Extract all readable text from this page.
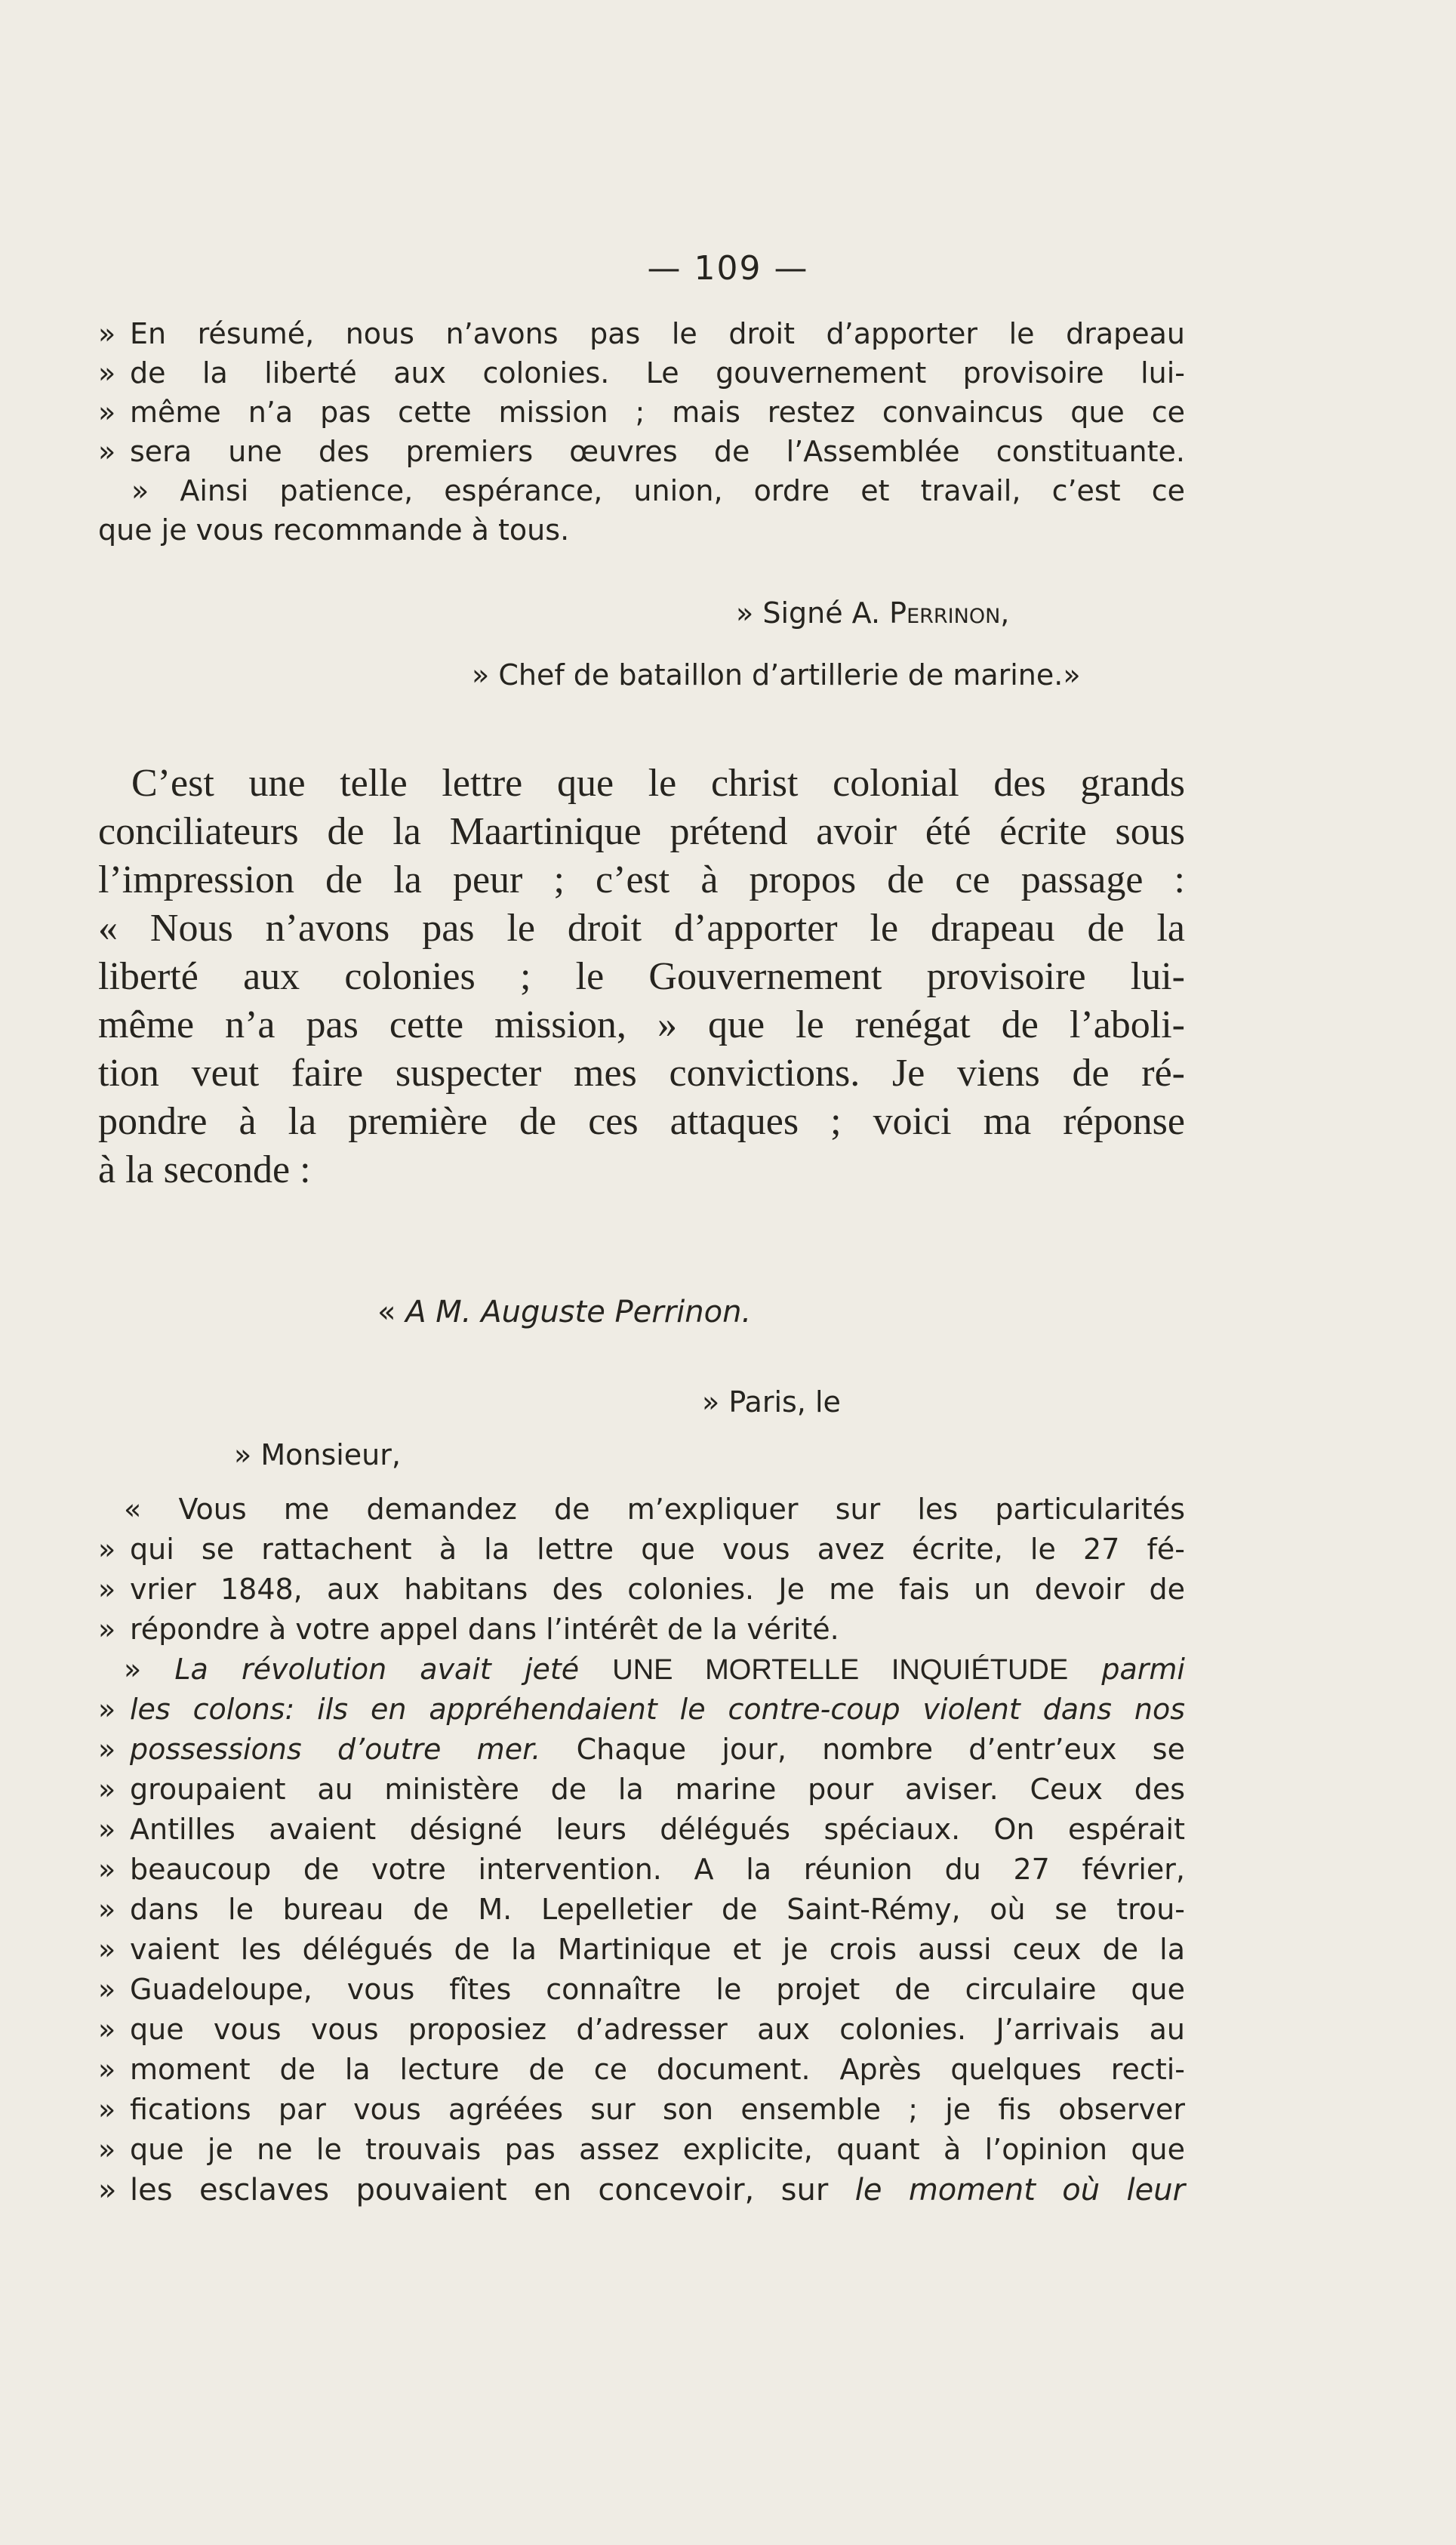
— 109 —
» En résumé, nous n’avons pas le droit d’apporter le drapeau
» de la liberté aux colonies. Le gouvernement provisoire lui-
» même n’a pas cette mission ; mais restez convaincus que ce
» sera une des premiers œuvres de l’Assemblée constituante.
» Ainsi patience, espérance, union, ordre et travail, c’est ce
que je vous recommande à tous.
» Signé A. Perrinon,
» Chef de bataillon d’artillerie de marine.»
C’est une telle lettre que le christ colonial des grands
conciliateurs de la Maartinique prétend avoir été écrite sous
l’impression de la peur ; c’est à propos de ce passage :
« Nous n’avons pas le droit d’apporter le drapeau de la
liberté aux colonies ; le Gouvernement provisoire lui-
même n’a pas cette mission, » que le renégat de l’aboli-
tion veut faire suspecter mes convictions. Je viens de ré-
pondre à la première de ces attaques ; voici ma réponse
à la seconde :
« A M. Auguste Perrinon.
» Paris, le
» Monsieur,
« Vous me demandez de m’expliquer sur les particularités
» qui se rattachent à la lettre que vous avez écrite, le 27 fé-
» vrier 1848, aux habitans des colonies. Je me fais un devoir de
» répondre à votre appel dans l’intérêt de la vérité.
» La révolution avait jeté UNE MORTELLE INQUIÉTUDE parmi
» les colons: ils en appréhendaient le contre-coup violent dans nos
» possessions d’outre mer. Chaque jour, nombre d’entr’eux se
» groupaient au ministère de la marine pour aviser. Ceux des
» Antilles avaient désigné leurs délégués spéciaux. On espérait
» beaucoup de votre intervention. A la réunion du 27 février,
» dans le bureau de M. Lepelletier de Saint-Rémy, où se trou-
» vaient les délégués de la Martinique et je crois aussi ceux de la
» Guadeloupe, vous fîtes connaître le projet de circulaire que
» que vous vous proposiez d’adresser aux colonies. J’arrivais au
» moment de la lecture de ce document. Après quelques recti-
» fications par vous agréées sur son ensemble ; je fis observer
» que je ne le trouvais pas assez explicite, quant à l’opinion que
» les esclaves pouvaient en concevoir, sur le moment où leur
